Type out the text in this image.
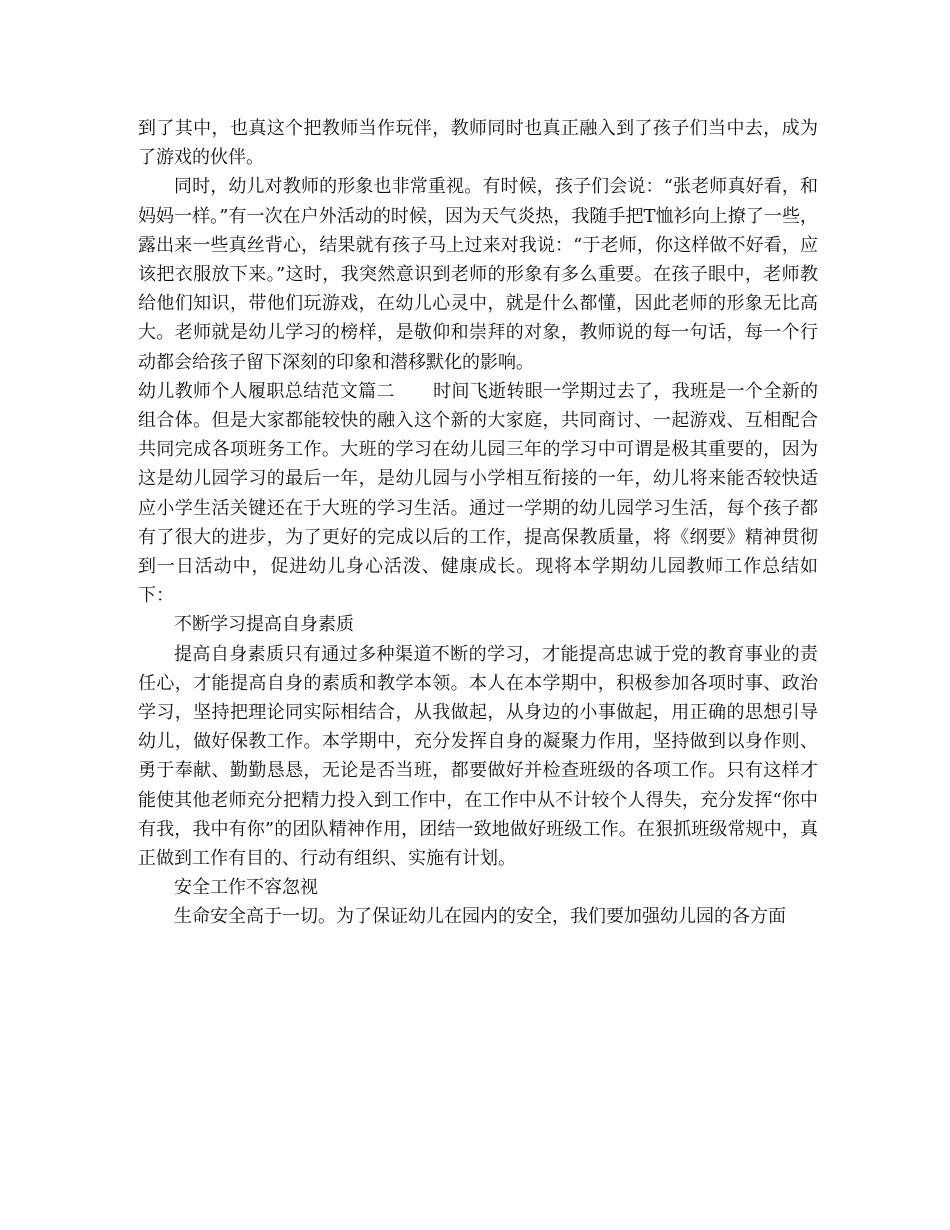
到了其中，也真这个把教师当作玩伴，教师同时也真正融入到了孩子们当中去，成为了游戏的伙伴。

同时，幼儿对教师的形象也非常重视。有时候，孩子们会说：“张老师真好看，和妈妈一样。”有一次在户外活动的时候，因为天气炎热，我随手把T恤衫向上撩了一些，露出来一些真丝背心，结果就有孩子马上过来对我说：“于老师，你这样做不好看，应该把衣服放下来。”这时，我突然意识到老师的形象有多么重要。在孩子眼中，老师教给他们知识，带他们玩游戏，在幼儿心灵中，就是什么都懂，因此老师的形象无比高大。老师就是幼儿学习的榜样，是敬仰和崇拜的对象，教师说的每一句话，每一个行动都会给孩子留下深刻的印象和潜移默化的影响。

幼儿教师个人履职总结范文篇二 时间飞逝转眼一学期过去了，我班是一个全新的组合体。但是大家都能较快的融入这个新的大家庭，共同商讨、一起游戏、互相配合共同完成各项班务工作。大班的学习在幼儿园三年的学习中可谓是极其重要的，因为这是幼儿园学习的最后一年，是幼儿园与小学相互衔接的一年，幼儿将来能否较快适应小学生活关键还在于大班的学习生活。通过一学期的幼儿园学习生活，每个孩子都有了很大的进步，为了更好的完成以后的工作，提高保教质量，将《纲要》精神贯彻到一日活动中，促进幼儿身心活泼、健康成长。现将本学期幼儿园教师工作总结如下：

不断学习提高自身素质

提高自身素质只有通过多种渠道不断的学习，才能提高忠诚于党的教育事业的责任心，才能提高自身的素质和教学本领。本人在本学期中，积极参加各项时事、政治学习，坚持把理论同实际相结合，从我做起，从身边的小事做起，用正确的思想引导幼儿，做好保教工作。本学期中，充分发挥自身的凝聚力作用，坚持做到以身作则、勇于奉献、勤勤恳恳，无论是否当班，都要做好并检查班级的各项工作。只有这样才能使其他老师充分把精力投入到工作中，在工作中从不计较个人得失，充分发挥“你中有我，我中有你”的团队精神作用，团结一致地做好班级工作。在狠抓班级常规中，真正做到工作有目的、行动有组织、实施有计划。

安全工作不容忽视

生命安全高于一切。为了保证幼儿在园内的安全，我们要加强幼儿园的各方面
